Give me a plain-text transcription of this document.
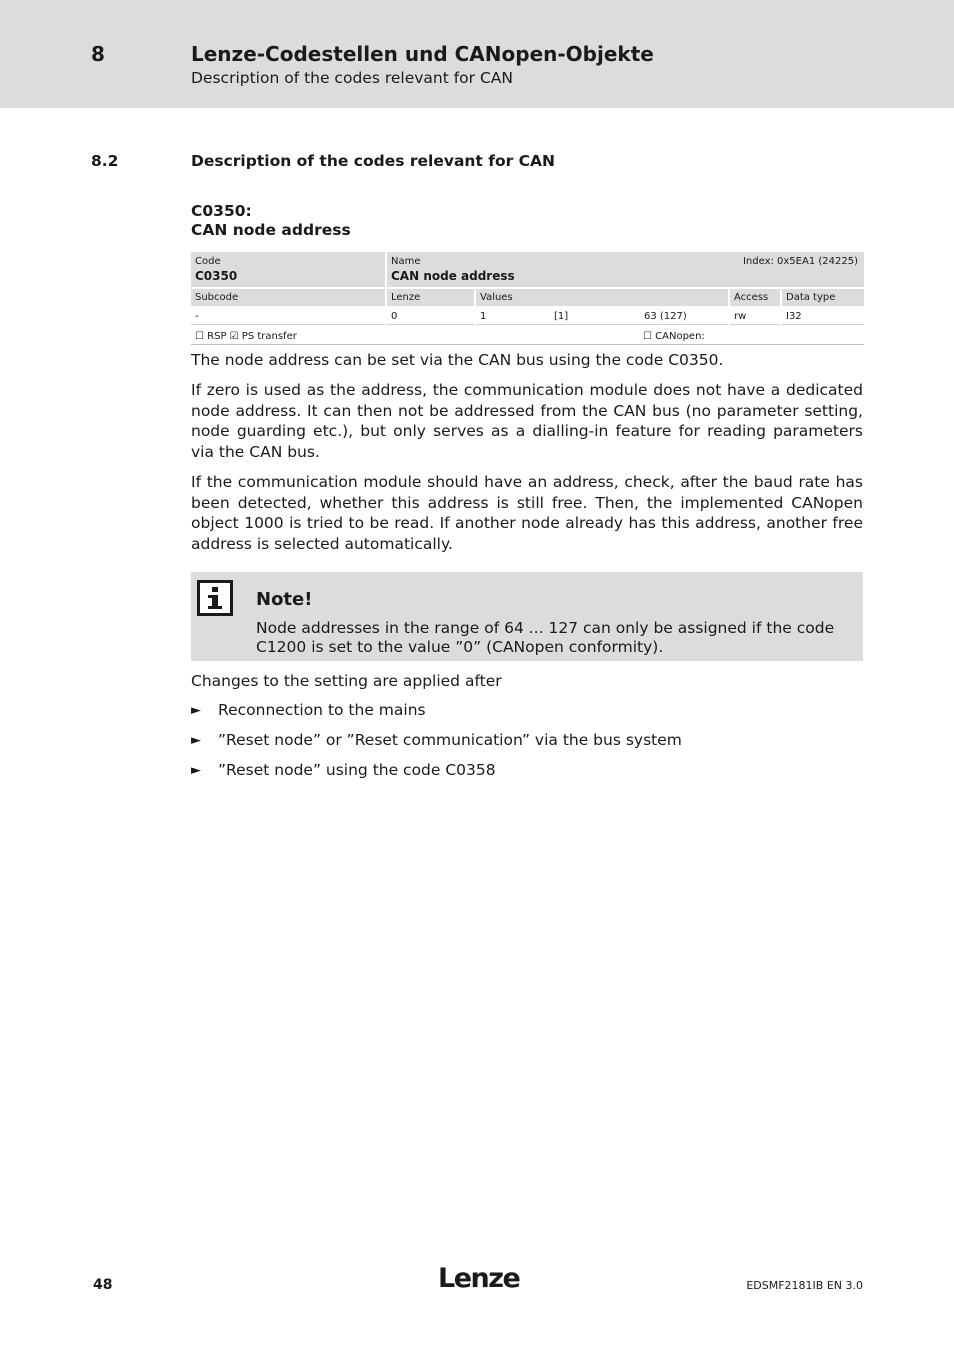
8	Lenze-Codestellen und CANopen-Objekte
Description of the codes relevant for CAN
8.2	Description of the codes relevant for CAN
C0350:
CAN node address
Code
C0350
Name
CAN node address
Index: 0x5EA1 (24225)
Subcode	Lenze	Values	Access	Data type
-	0	1	[1]	63 (127)	rw	I32
☐ RSP ☑ PS transfer	☐ CANopen:

The node address can be set via the CAN bus using the code C0350.

If zero is used as the address, the communication module does not have a dedicated node address. It can then not be addressed from the CAN bus (no parameter setting, node guarding etc.), but only serves as a dialling-in feature for reading parameters via the CAN bus.

If the communication module should have an address, check, after the baud rate has been detected, whether this address is still free. Then, the implemented CANopen object 1000 is tried to be read. If another node already has this address, another free address is selected automatically.

Note!
Node addresses in the range of 64 ... 127 can only be assigned if the code C1200 is set to the value ”0” (CANopen conformity).

Changes to the setting are applied after

► Reconnection to the mains
► ”Reset node” or ”Reset communication” via the bus system
► ”Reset node” using the code C0358
48	Lenze	EDSMF2181IB EN 3.0
